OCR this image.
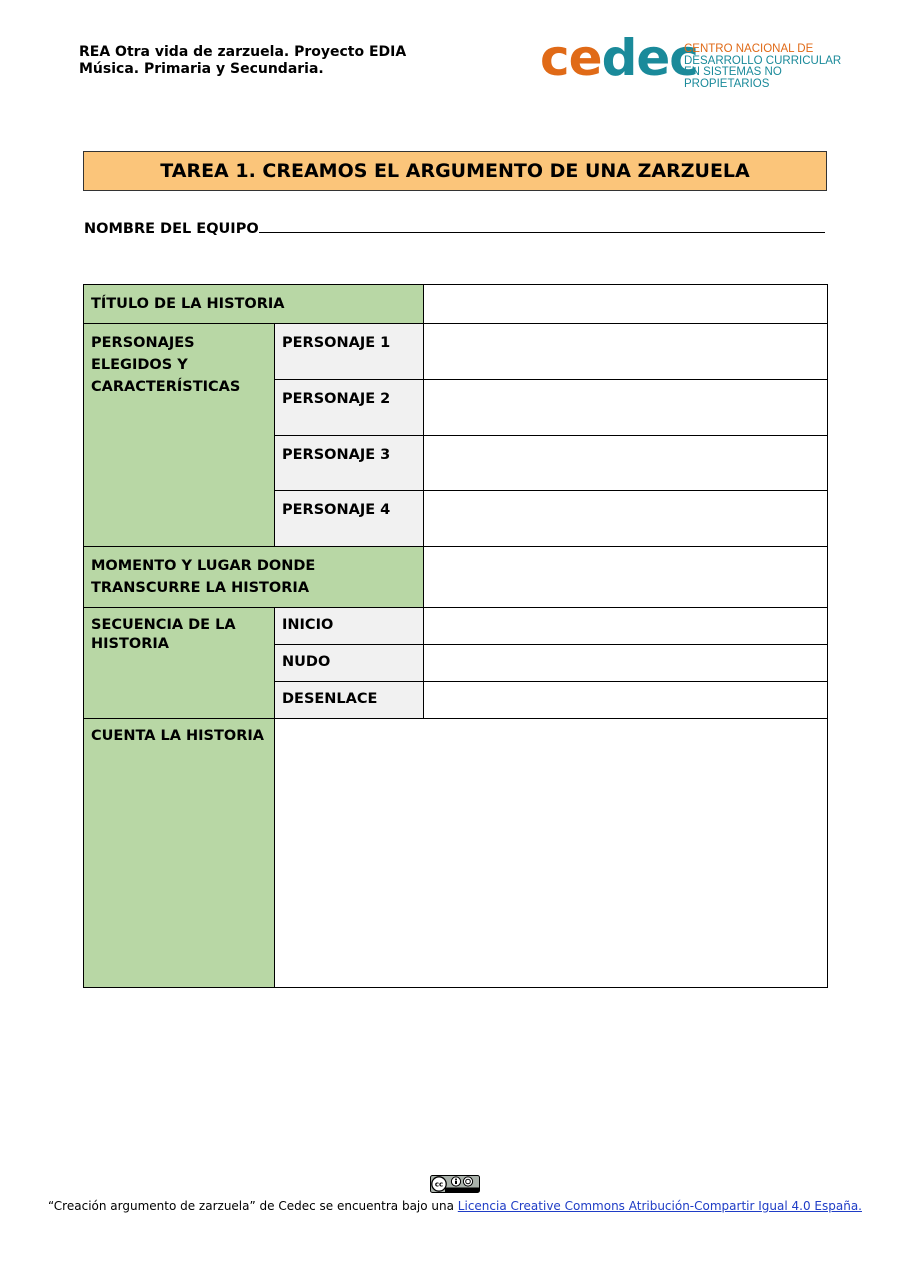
REA Otra vida de zarzuela. Proyecto EDIA
Música. Primaria y Secundaria.	cedec
CENTRO NACIONAL DE
DESARROLLO CURRICULAR
EN SISTEMAS NO PROPIETARIOS
TAREA 1. CREAMOS EL ARGUMENTO DE UNA ZARZUELA
NOMBRE DEL EQUIPO
TÍTULO DE LA HISTORIA		
PERSONAJES ELEGIDOS Y CARACTERÍSTICAS	PERSONAJE 1	
	PERSONAJE 2	
	PERSONAJE 3	
	PERSONAJE 4	
MOMENTO Y LUGAR DONDE TRANSCURRE LA HISTORIA		
SECUENCIA DE LA HISTORIA	INICIO	
	NUDO	
	DESENLACE	
CUENTA LA HISTORIA		
cc
“Creación argumento de zarzuela” de Cedec se encuentra bajo una Licencia Creative Commons Atribución-Compartir Igual 4.0 España.
